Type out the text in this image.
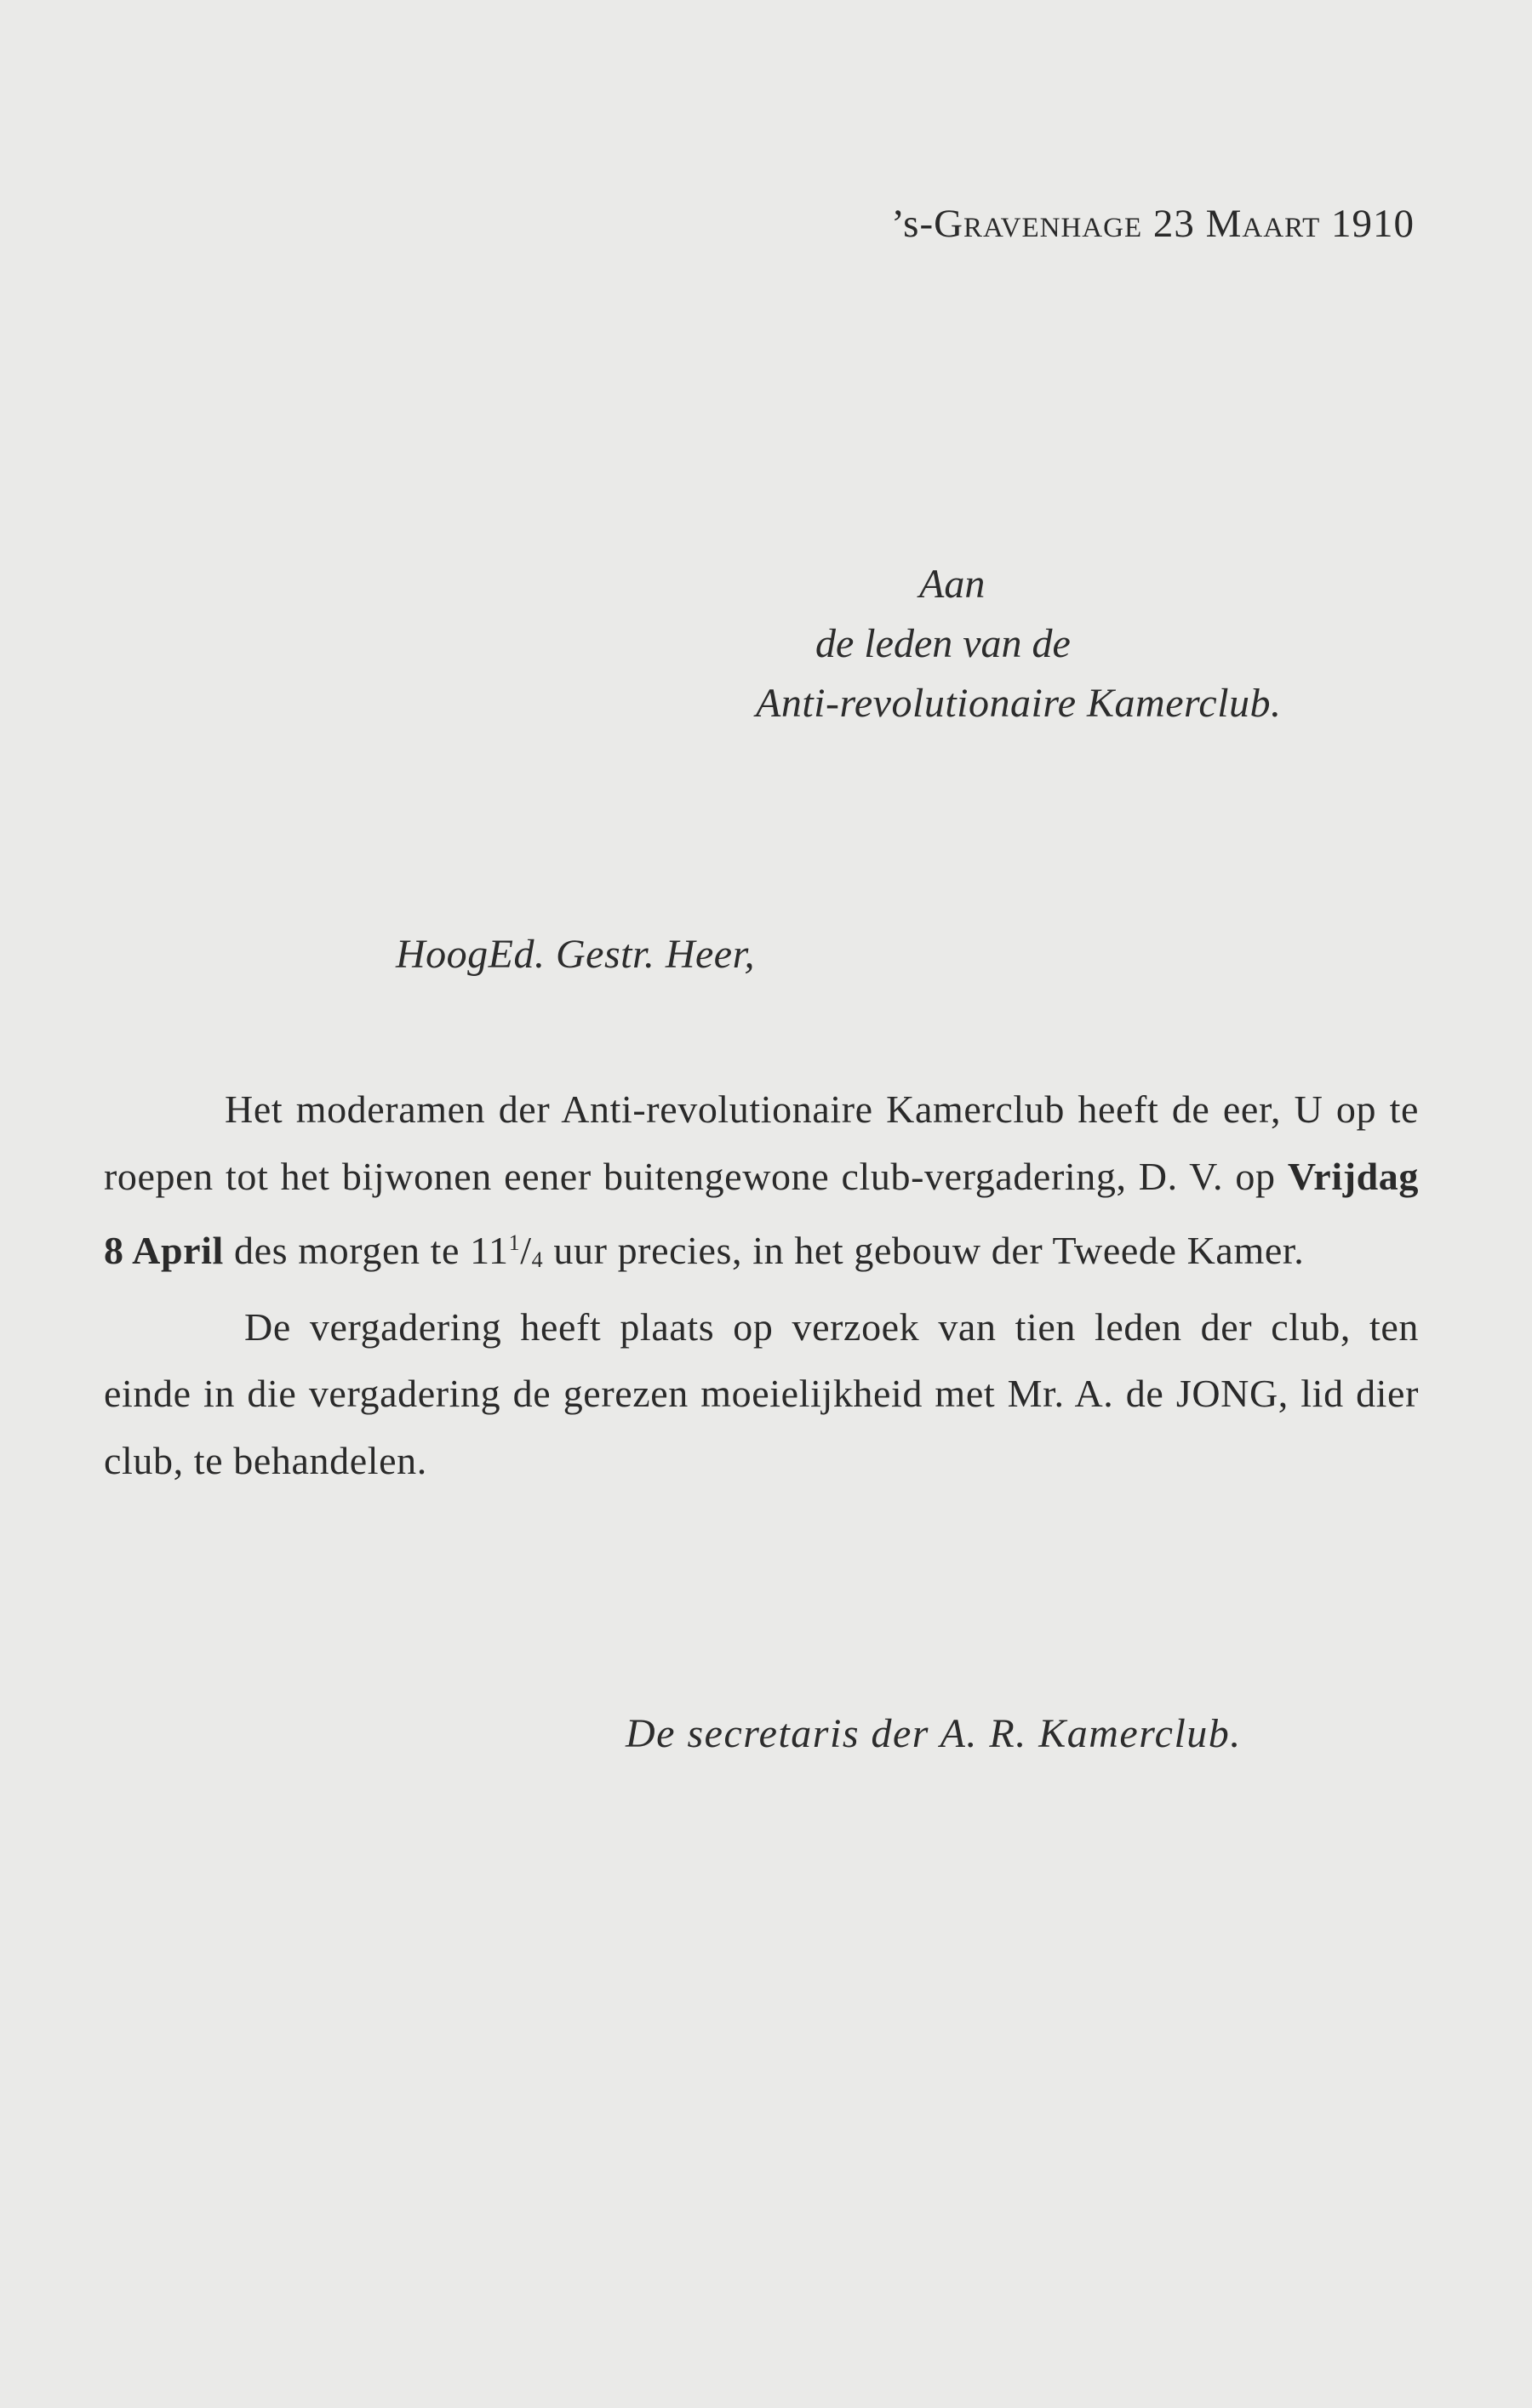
’s-Gravenhage 23 Maart 1910
Aan
de leden van de
Anti-revolutionaire Kamerclub.
HoogEd. Gestr. Heer,

Het moderamen der Anti-revolutionaire Kamerclub heeft de eer, U op te roepen tot het bijwonen eener buitengewone club-vergadering, D. V. op Vrijdag 8 April des morgen te $11^1/_4$ uur precies, in het gebouw der Tweede Kamer.

De vergadering heeft plaats op verzoek van tien leden der club, ten einde in die vergadering de gerezen moeielijkheid met Mr. A. de JONG, lid dier club, te behandelen.

De secretaris der A. R. Kamerclub.
